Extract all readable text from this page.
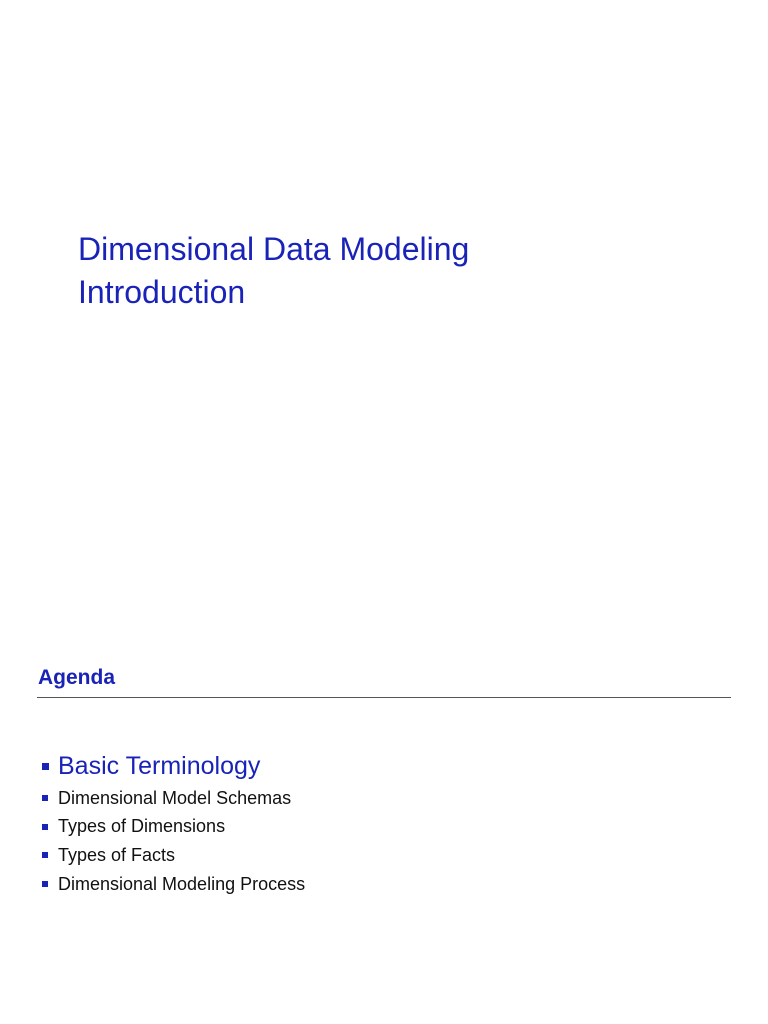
Dimensional Data Modeling
Introduction
Agenda
Basic Terminology
Dimensional Model Schemas
Types of Dimensions
Types of Facts
Dimensional Modeling Process
